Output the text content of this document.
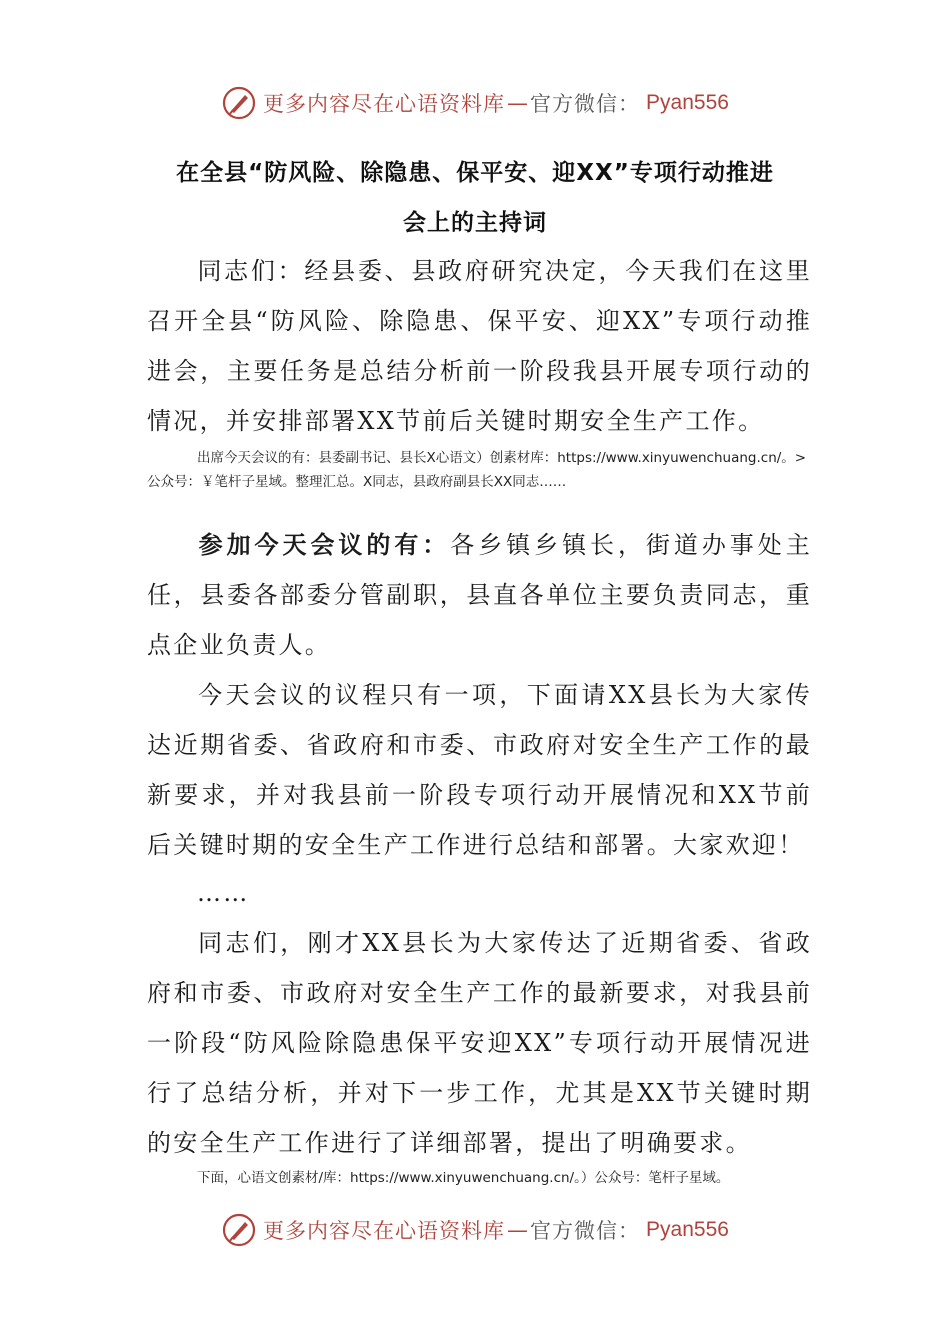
更多内容尽在心语资料库 — 官方微信： Pyan556
在全县“防风险、除隐患、保平安、迎XX”专项行动推进
会上的主持词
同志们：经县委、县政府研究决定，今天我们在这里召开全县“防风险、除隐患、保平安、迎XX”专项行动推进会，主要任务是总结分析前一阶段我县开展专项行动的情况，并安排部署XX节前后关键时期安全生产工作。
出席今天会议的有：县委副书记、县长X心语文）创素材库：https://www.xinyuwenchuang.cn/。>公众号：￥笔杆子星域。整理汇总。X同志，县政府副县长XX同志……
参加今天会议的有：各乡镇乡镇长，街道办事处主任，县委各部委分管副职，县直各单位主要负责同志，重点企业负责人。
今天会议的议程只有一项，下面请XX县长为大家传达近期省委、省政府和市委、市政府对安全生产工作的最新要求，并对我县前一阶段专项行动开展情况和XX节前后关键时期的安全生产工作进行总结和部署。大家欢迎！
……
同志们，刚才XX县长为大家传达了近期省委、省政府和市委、市政府对安全生产工作的最新要求，对我县前一阶段“防风险除隐患保平安迎XX”专项行动开展情况进行了总结分析，并对下一步工作，尤其是XX节关键时期的安全生产工作进行了详细部署，提出了明确要求。
下面，心语文创素材/库：https://www.xinyuwenchuang.cn/。）公众号：笔杆子星域。
更多内容尽在心语资料库 — 官方微信： Pyan556
